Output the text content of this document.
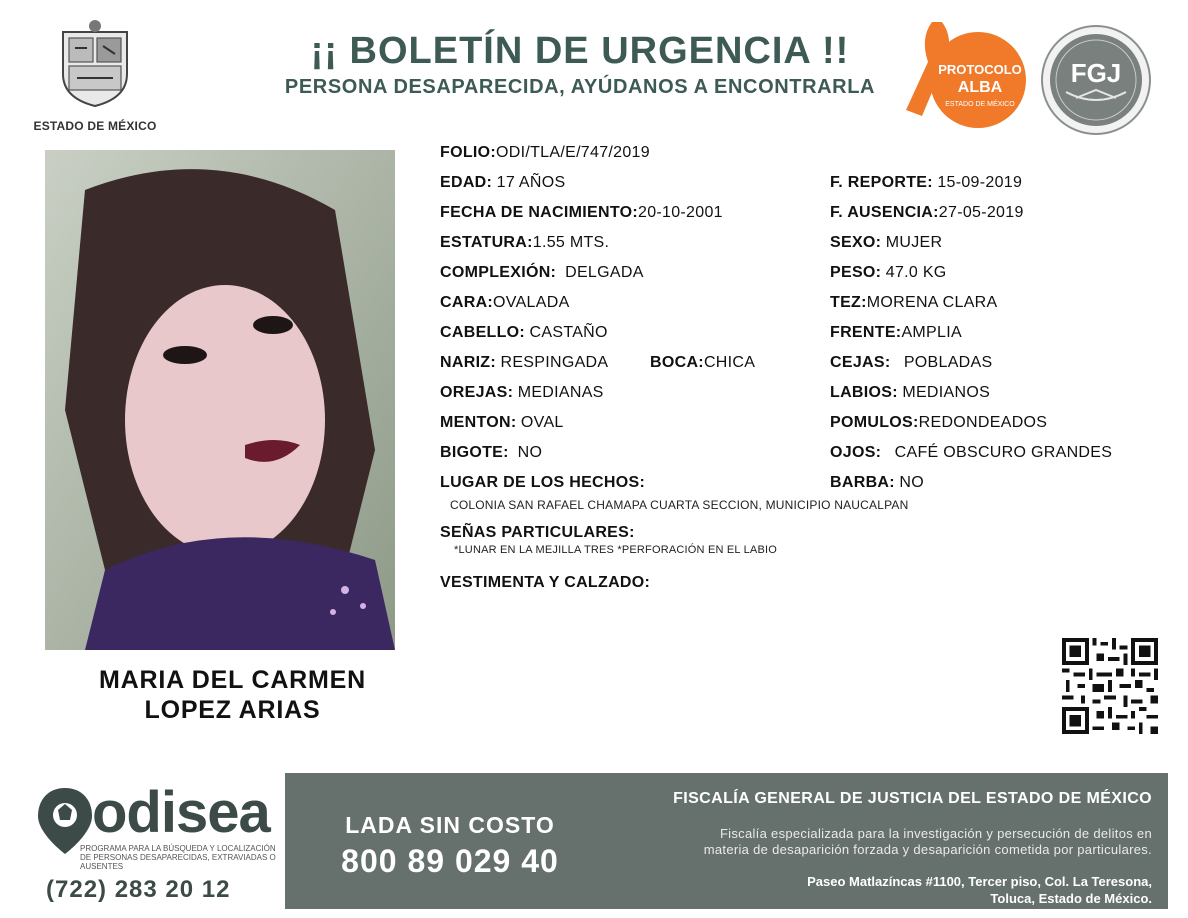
ESTADO DE MÉXICO
¡¡ BOLETÍN DE URGENCIA !!
PERSONA DESAPARECIDA, AYÚDANOS A ENCONTRARLA
PROTOCOLO
ALBA
ESTADO DE MÉXICO
FGJ
MARIA DEL CARMEN
LOPEZ ARIAS
FOLIO:ODI/TLA/E/747/2019
EDAD: 17 AÑOS
FECHA DE NACIMIENTO:20-10-2001
ESTATURA:1.55 MTS.
COMPLEXIÓN: DELGADA
CARA:OVALADA
CABELLO: CASTAÑO
NARIZ: RESPINGADA	BOCA:CHICA
OREJAS: MEDIANAS
MENTON: OVAL
BIGOTE: NO
LUGAR DE LOS HECHOS:
COLONIA SAN RAFAEL CHAMAPA CUARTA SECCION, MUNICIPIO NAUCALPAN
SEÑAS PARTICULARES:
*LUNAR EN LA MEJILLA TRES *PERFORACIÓN EN EL LABIO
VESTIMENTA Y CALZADO:
F. REPORTE: 15-09-2019
F. AUSENCIA:27-05-2019
SEXO: MUJER
PESO: 47.0 KG
TEZ:MORENA CLARA
FRENTE:AMPLIA
CEJAS: POBLADAS
LABIOS: MEDIANOS
POMULOS:REDONDEADOS
OJOS: CAFÉ OBSCURO GRANDES
BARBA: NO
odisea
PROGRAMA PARA LA BÚSQUEDA Y LOCALIZACIÓN DE PERSONAS DESAPARECIDAS, EXTRAVIADAS O AUSENTES
(722) 283 20 12
LADA SIN COSTO
800 89 029 40
FISCALÍA GENERAL DE JUSTICIA DEL ESTADO DE MÉXICO
Fiscalía especializada para la investigación y persecución de delitos en
materia de desaparición forzada y desaparición cometida por particulares.
Paseo Matlazíncas #1100, Tercer piso, Col. La Teresona,
Toluca, Estado de México.
